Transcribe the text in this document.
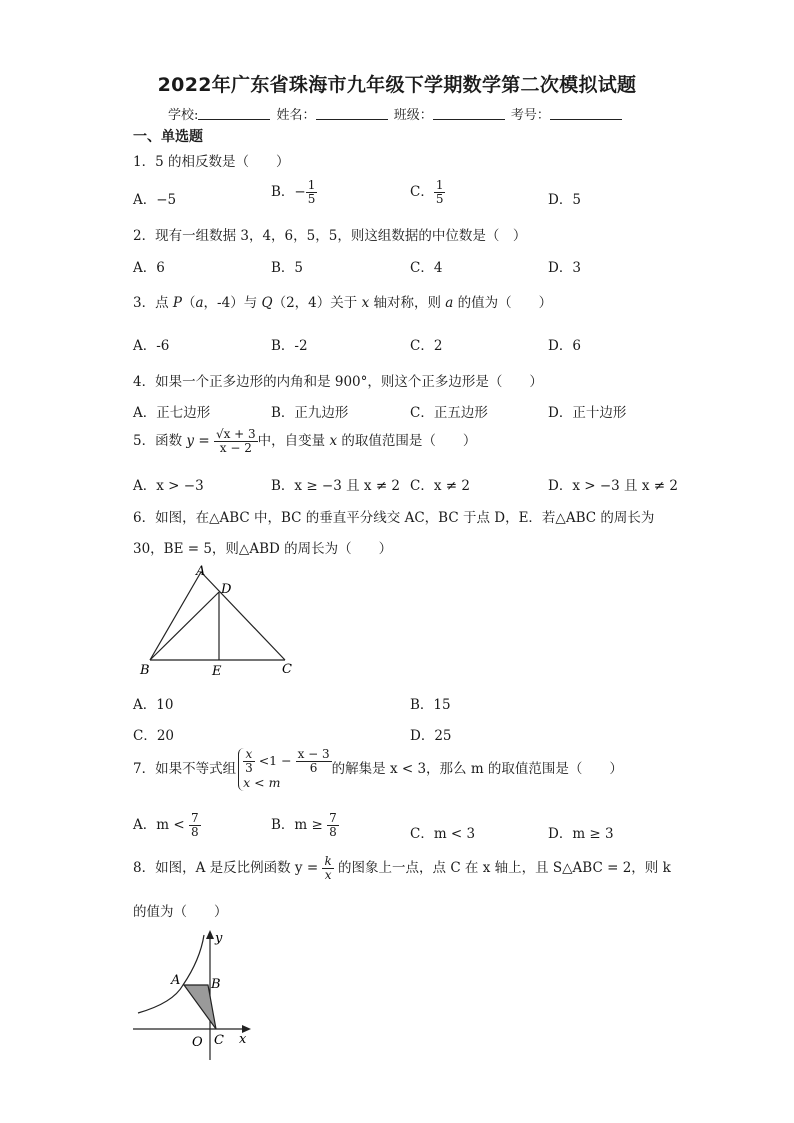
2022年广东省珠海市九年级下学期数学第二次模拟试题
学校:	姓名：	班级：	考号：
一、单选题
1．5 的相反数是（　　）
A．−5	B．− $\frac{1}{5}$	C． $\frac{1}{5}$	D．5
2．现有一组数据 3，4，6，5，5，则这组数据的中位数是（　）
A．6	B．5	C．4	D．3
3．点 P（a，-4）与 Q（2，4）关于 x 轴对称，则 a 的值为（　　）
A．-6	B．-2	C．2	D．6
4．如果一个正多边形的内角和是 900°，则这个正多边形是（　　）
A．正七边形	B．正九边形	C．正五边形	D．正十边形
5．函数 $y = \frac{√x + 3}{x - 2}$ 中，自变量 x 的取值范围是（　　）
A．x > −3	B．x ≥ −3 且 x ≠ 2 C．x ≠ 2	D．x > −3 且 x ≠ 2
6．如图，在△ABC 中，BC 的垂直平分线交 AC，BC 于点 D，E．若△ABC 的周长为
30，BE = 5，则△ABD 的周长为（　　）
A
D
B	E	C
A．10	B．15
C．20	D．25
7．如果不等式组 $\frac{x}{3} <1 - \frac{x - 3}{6}$
x < m
的解集是 x < 3，那么 m 的取值范围是（　　）
A．$m < \frac{7}{8}$	B．$m \ge \frac{7}{8}$	C．m < 3	D．m ≥ 3
8．如图，A 是反比例函数 $y = \frac{k}{x}$ 的图象上一点，点 C 在 x 轴上，且 S△ABC = 2，则 k
的值为（　　）
y
x
A B
O C
